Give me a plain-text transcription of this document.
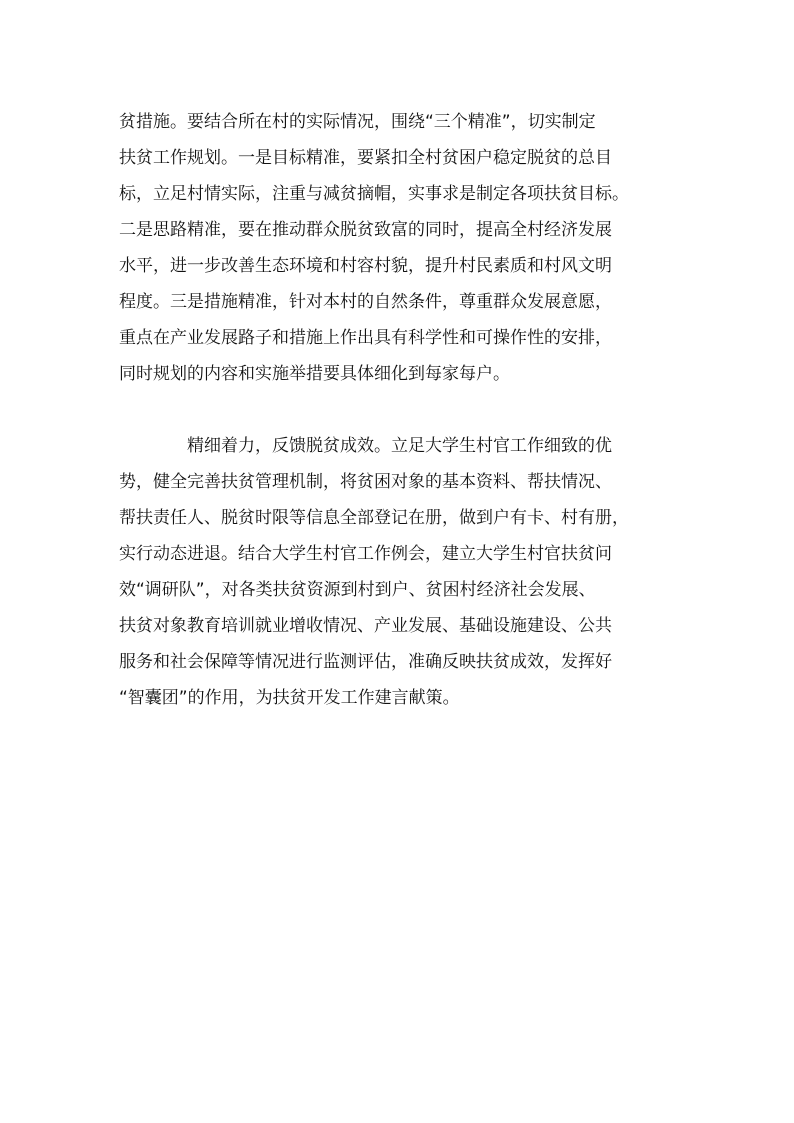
贫措施。要结合所在村的实际情况，围绕“三个精准”，切实制定
扶贫工作规划。一是目标精准，要紧扣全村贫困户稳定脱贫的总目
标，立足村情实际，注重与减贫摘帽，实事求是制定各项扶贫目标。
二是思路精准，要在推动群众脱贫致富的同时，提高全村经济发展
水平，进一步改善生态环境和村容村貌，提升村民素质和村风文明
程度。三是措施精准，针对本村的自然条件，尊重群众发展意愿，
重点在产业发展路子和措施上作出具有科学性和可操作性的安排，
同时规划的内容和实施举措要具体细化到每家每户。
精细着力，反馈脱贫成效。立足大学生村官工作细致的优
势，健全完善扶贫管理机制，将贫困对象的基本资料、帮扶情况、
帮扶责任人、脱贫时限等信息全部登记在册，做到户有卡、村有册，
实行动态进退。结合大学生村官工作例会，建立大学生村官扶贫问
效“调研队”，对各类扶贫资源到村到户、贫困村经济社会发展、
扶贫对象教育培训就业增收情况、产业发展、基础设施建设、公共
服务和社会保障等情况进行监测评估，准确反映扶贫成效，发挥好
“智囊团”的作用，为扶贫开发工作建言献策。
